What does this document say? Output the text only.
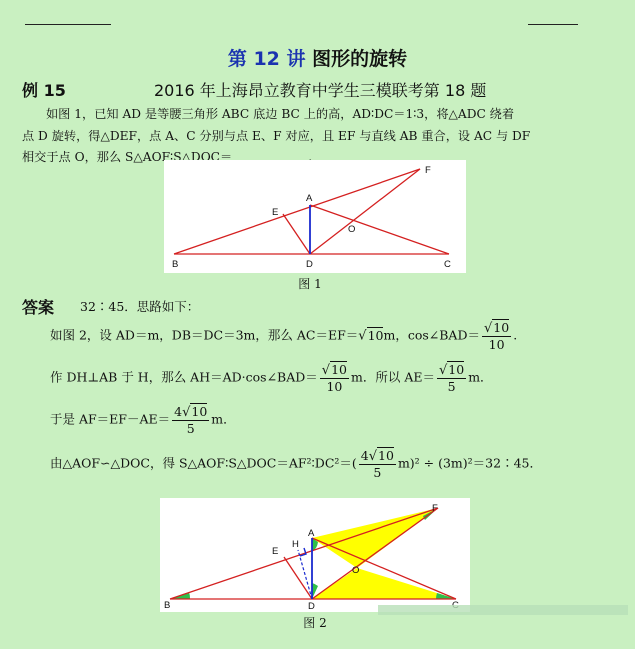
第 12 讲 图形的旋转
例 15	2016 年上海昂立教育中学生三模联考第 18 题

如图 1，已知 AD 是等腰三角形 ABC 底边 BC 上的高，AD∶DC＝1∶3，将△ADC 绕着

点 D 旋转，得△DEF，点 A、C 分别与点 E、F 对应，且 EF 与直线 AB 重合，设 AC 与 DF
相交于点 O，那么 S△AOF∶S△DOC＝	.
A
B	C
D
E
F
O
图 1
答案 32∶45．思路如下：
如图 2，设 AD＝m，DB＝DC＝3m，那么 AC＝EF＝√10m，cos∠BAD＝ $\frac{√10}{10}$ .
作 DH⊥AB 于 H，那么 AH＝AD·cos∠BAD＝ $\frac{√10}{10}$ m．所以 $AE= \frac{√10}{5}$ m．
于是 $AF=EF-AE= \frac{4√10}{5}$ m．
由△AOF∽△DOC，得 S△AOF∶S△DOC＝AF²∶DC²＝( $\frac{4√10}{5} m)^2$ ÷ (3m)²＝32∶45．
A
B	D
E
F
O
H
图 2
